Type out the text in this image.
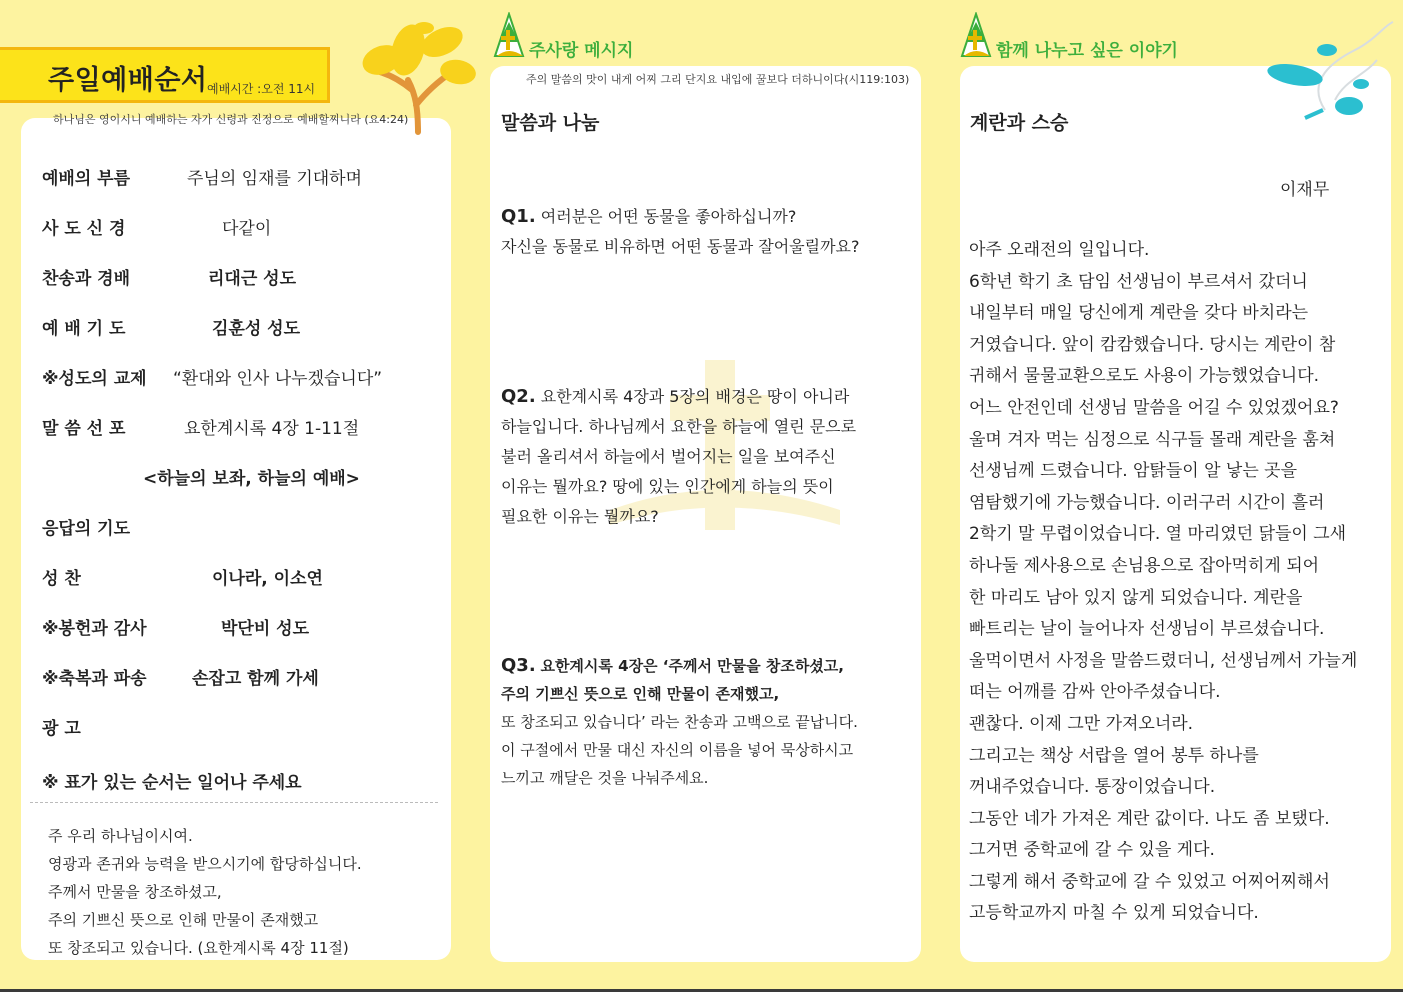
주일예배순서 예배시간 :오전 11시
하나님은 영이시니 예배하는 자가 신령과 진정으로 예배할찌니라 (요4:24)
예배의 부름	주님의 임재를 기대하며
사 도 신 경	다같이
찬송과 경배	리대근 성도
예 배 기 도	김훈성 성도
※성도의 교제 “환대와 인사 나누겠습니다”
말 씀 선 포	요한계시록 4장 1-11절
<하늘의 보좌, 하늘의 예배>
응답의 기도
성 찬	이나라, 이소연
※봉헌과 감사	박단비 성도
※축복과 파송	손잡고 함께 가세
광 고
※ 표가 있는 순서는 일어나 주세요
주 우리 하나님이시여.
영광과 존귀와 능력을 받으시기에 합당하십니다.
주께서 만물을 창조하셨고,
주의 기쁘신 뜻으로 인해 만물이 존재했고
또 창조되고 있습니다. (요한계시록 4장 11절)
주사랑 메시지
주의 말씀의 맛이 내게 어찌 그리 단지요 내입에 꿀보다 더하니이다(시119:103)
말씀과 나눔
Q1. 여러분은 어떤 동물을 좋아하십니까?
자신을 동물로 비유하면 어떤 동물과 잘어울릴까요?
Q2. 요한계시록 4장과 5장의 배경은 땅이 아니라
하늘입니다. 하나님께서 요한을 하늘에 열린 문으로
불러 올리셔서 하늘에서 벌어지는 일을 보여주신
이유는 뭘까요? 땅에 있는 인간에게 하늘의 뜻이
필요한 이유는 뭘까요?
Q3. 요한계시록 4장은 ‘주께서 만물을 창조하셨고,
주의 기쁘신 뜻으로 인해 만물이 존재했고,
또 창조되고 있습니다’ 라는 찬송과 고백으로 끝납니다.
이 구절에서 만물 대신 자신의 이름을 넣어 묵상하시고
느끼고 깨달은 것을 나눠주세요.
함께 나누고 싶은 이야기
계란과 스승
이재무
아주 오래전의 일입니다.
6학년 학기 초 담임 선생님이 부르셔서 갔더니
내일부터 매일 당신에게 계란을 갖다 바치라는
거였습니다. 앞이 캄캄했습니다. 당시는 계란이 참
귀해서 물물교환으로도 사용이 가능했었습니다.
어느 안전인데 선생님 말씀을 어길 수 있었겠어요?
울며 겨자 먹는 심정으로 식구들 몰래 계란을 훔쳐
선생님께 드렸습니다. 암탉들이 알 낳는 곳을
염탐했기에 가능했습니다. 이러구러 시간이 흘러
2학기 말 무렵이었습니다. 열 마리였던 닭들이 그새
하나둘 제사용으로 손님용으로 잡아먹히게 되어
한 마리도 남아 있지 않게 되었습니다. 계란을
빠트리는 날이 늘어나자 선생님이 부르셨습니다.
울먹이면서 사정을 말씀드렸더니, 선생님께서 가늘게
떠는 어깨를 감싸 안아주셨습니다.
괜찮다. 이제 그만 가져오너라.
그리고는 책상 서랍을 열어 봉투 하나를
꺼내주었습니다. 통장이었습니다.
그동안 네가 가져온 계란 값이다. 나도 좀 보탰다.
그거면 중학교에 갈 수 있을 게다.
그렇게 해서 중학교에 갈 수 있었고 어찌어찌해서
고등학교까지 마칠 수 있게 되었습니다.
